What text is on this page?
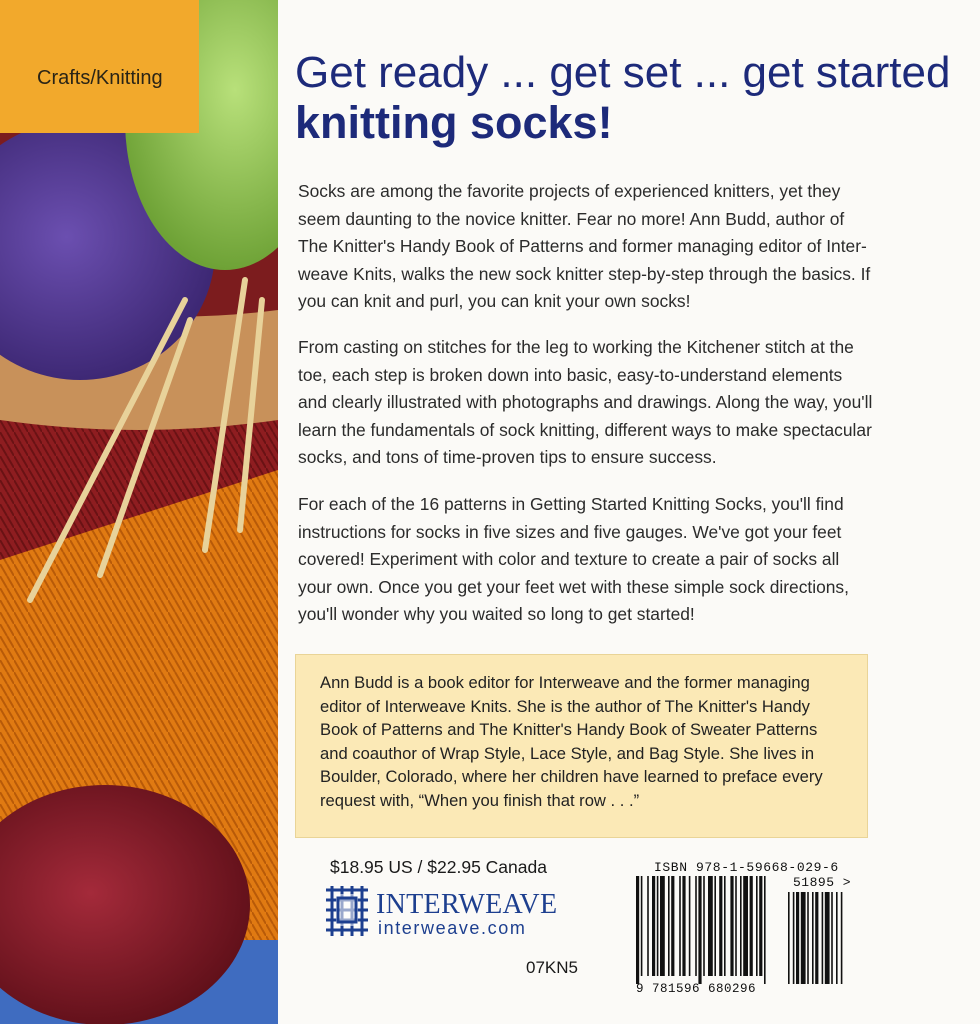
Crafts/Knitting	Get ready ... get set ... get started
knitting socks!

Socks are among the favorite projects of experienced knitters, yet they

seem daunting to the novice knitter. Fear no more! Ann Budd, author of

The Knitter's Handy Book of Patterns and former managing editor of Inter-

weave Knits, walks the new sock knitter step-by-step through the basics. If

you can knit and purl, you can knit your own socks!

From casting on stitches for the leg to working the Kitchener stitch at the

toe, each step is broken down into basic, easy-to-understand elements

and clearly illustrated with photographs and drawings. Along the way, you'll

learn the fundamentals of sock knitting, different ways to make spectacular

socks, and tons of time-proven tips to ensure success.

For each of the 16 patterns in Getting Started Knitting Socks, you'll find

instructions for socks in five sizes and five gauges. We've got your feet

covered! Experiment with color and texture to create a pair of socks all

your own. Once you get your feet wet with these simple sock directions,

you'll wonder why you waited so long to get started!

Ann Budd is a book editor for Interweave and the former managing

editor of Interweave Knits. She is the author of The Knitter's Handy

Book of Patterns and The Knitter's Handy Book of Sweater Patterns

and coauthor of Wrap Style, Lace Style, and Bag Style. She lives in

Boulder, Colorado, where her children have learned to preface every

request with, “When you finish that row . . .”

$18.95 US / $22.95 Canada
INTERWEAVE
interweave.com
07KN5
ISBN 978-1-59668-029-6
51895 >
9 781596 680296
